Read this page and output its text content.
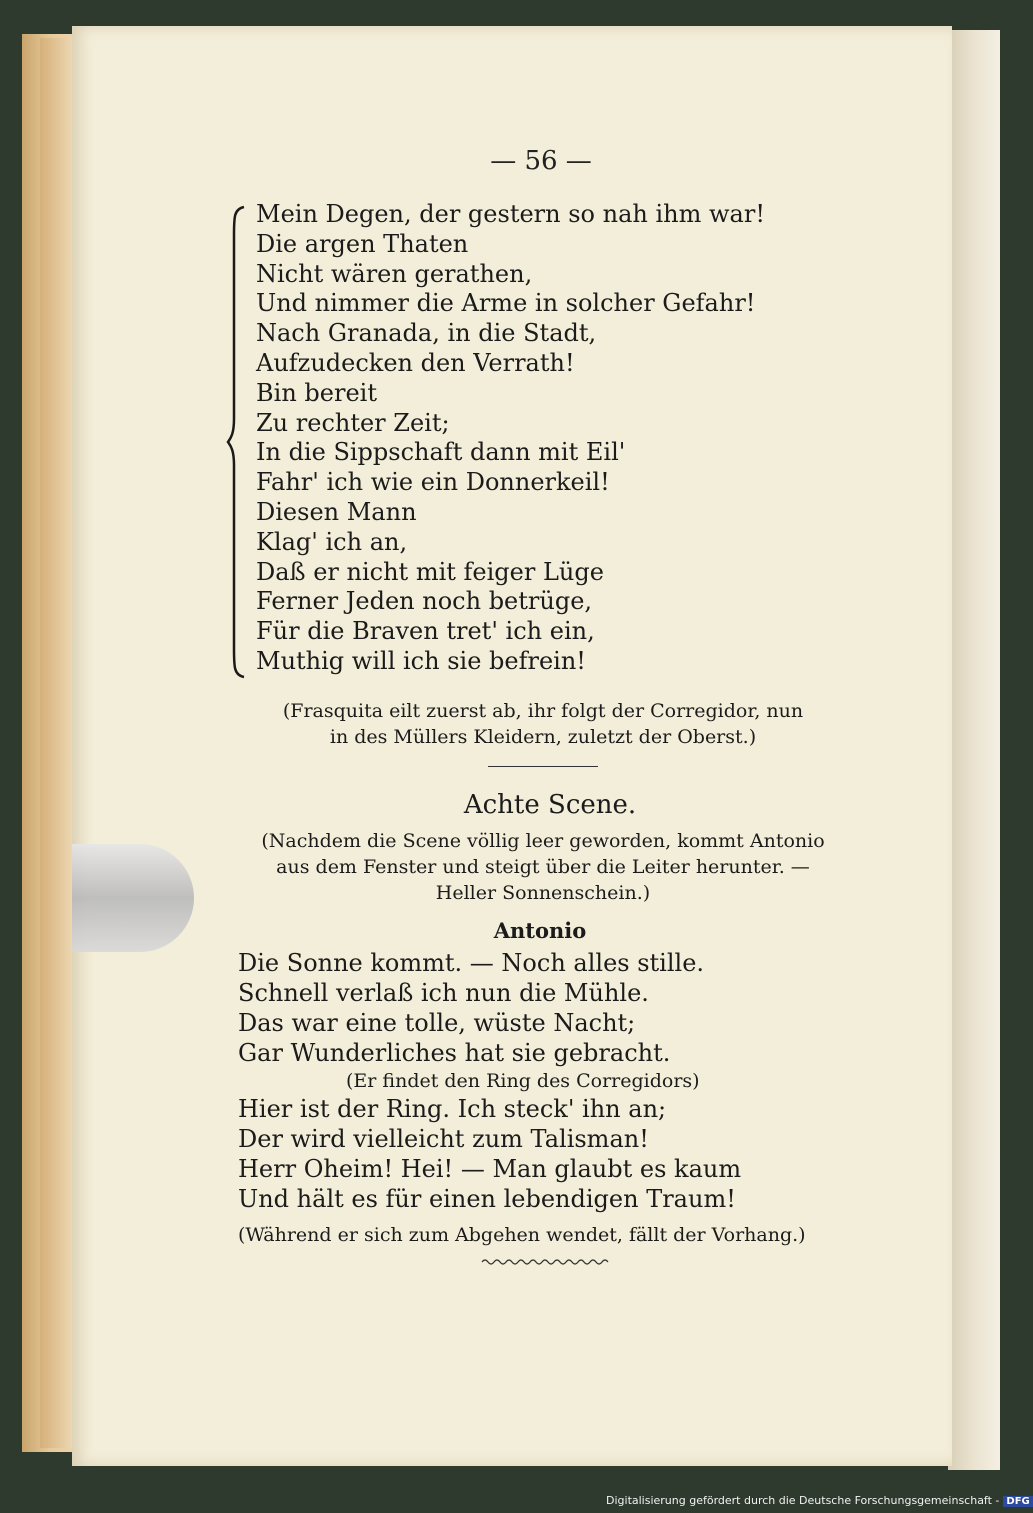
— 56 —
Mein Degen, der gestern so nah ihm war!
Die argen Thaten
Nicht wären gerathen,
Und nimmer die Arme in solcher Gefahr!
Nach Granada, in die Stadt,
Aufzudecken den Verrath!
Bin bereit
Zu rechter Zeit;
In die Sippschaft dann mit Eil'
Fahr' ich wie ein Donnerkeil!
Diesen Mann
Klag' ich an,
Daß er nicht mit feiger Lüge
Ferner Jeden noch betrüge,
Für die Braven tret' ich ein,
Muthig will ich sie befrein!
(Frasquita eilt zuerst ab, ihr folgt der Corregidor, nun
in des Müllers Kleidern, zuletzt der Oberst.)
Achte Scene.
(Nachdem die Scene völlig leer geworden, kommt Antonio
aus dem Fenster und steigt über die Leiter herunter. —
Heller Sonnenschein.)
Antonio
Die Sonne kommt. — Noch alles stille.
Schnell verlaß ich nun die Mühle.
Das war eine tolle, wüste Nacht;
Gar Wunderliches hat sie gebracht.
(Er findet den Ring des Corregidors)
Hier ist der Ring. Ich steck' ihn an;
Der wird vielleicht zum Talisman!
Herr Oheim! Hei! — Man glaubt es kaum
Und hält es für einen lebendigen Traum!
(Während er sich zum Abgehen wendet, fällt der Vorhang.)
Digitalisierung gefördert durch die Deutsche Forschungsgemeinschaft - DFG
